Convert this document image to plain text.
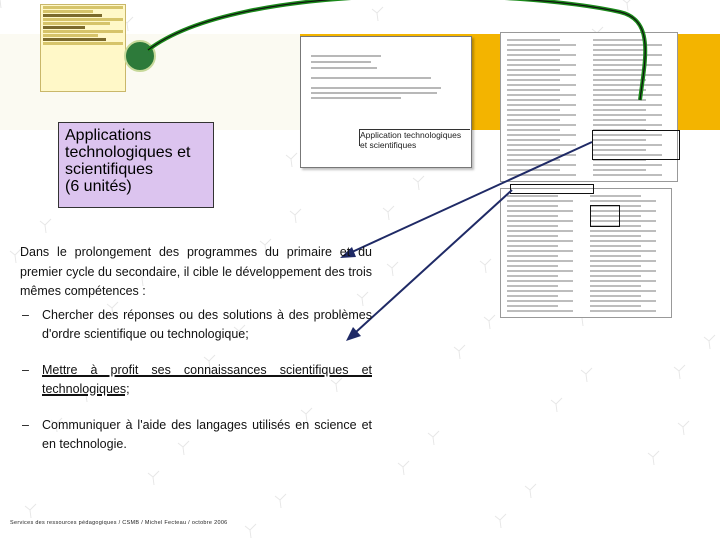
Applications technologiques et scientifiques
(6 unités)
Application technologiques et scientifiques
Dans le prolongement des programmes du primaire et du premier cycle du secondaire, il cible le développement des trois mêmes compétences :
– Chercher des réponses ou des solutions à des problèmes d'ordre scientifique ou technologique;
– Mettre à profit ses connaissances scientifiques et technologiques;
– Communiquer à l'aide des langages utilisés en science et en technologie.
Services des ressources pédagogiques / CSMB / Michel Fecteau / octobre 2006
